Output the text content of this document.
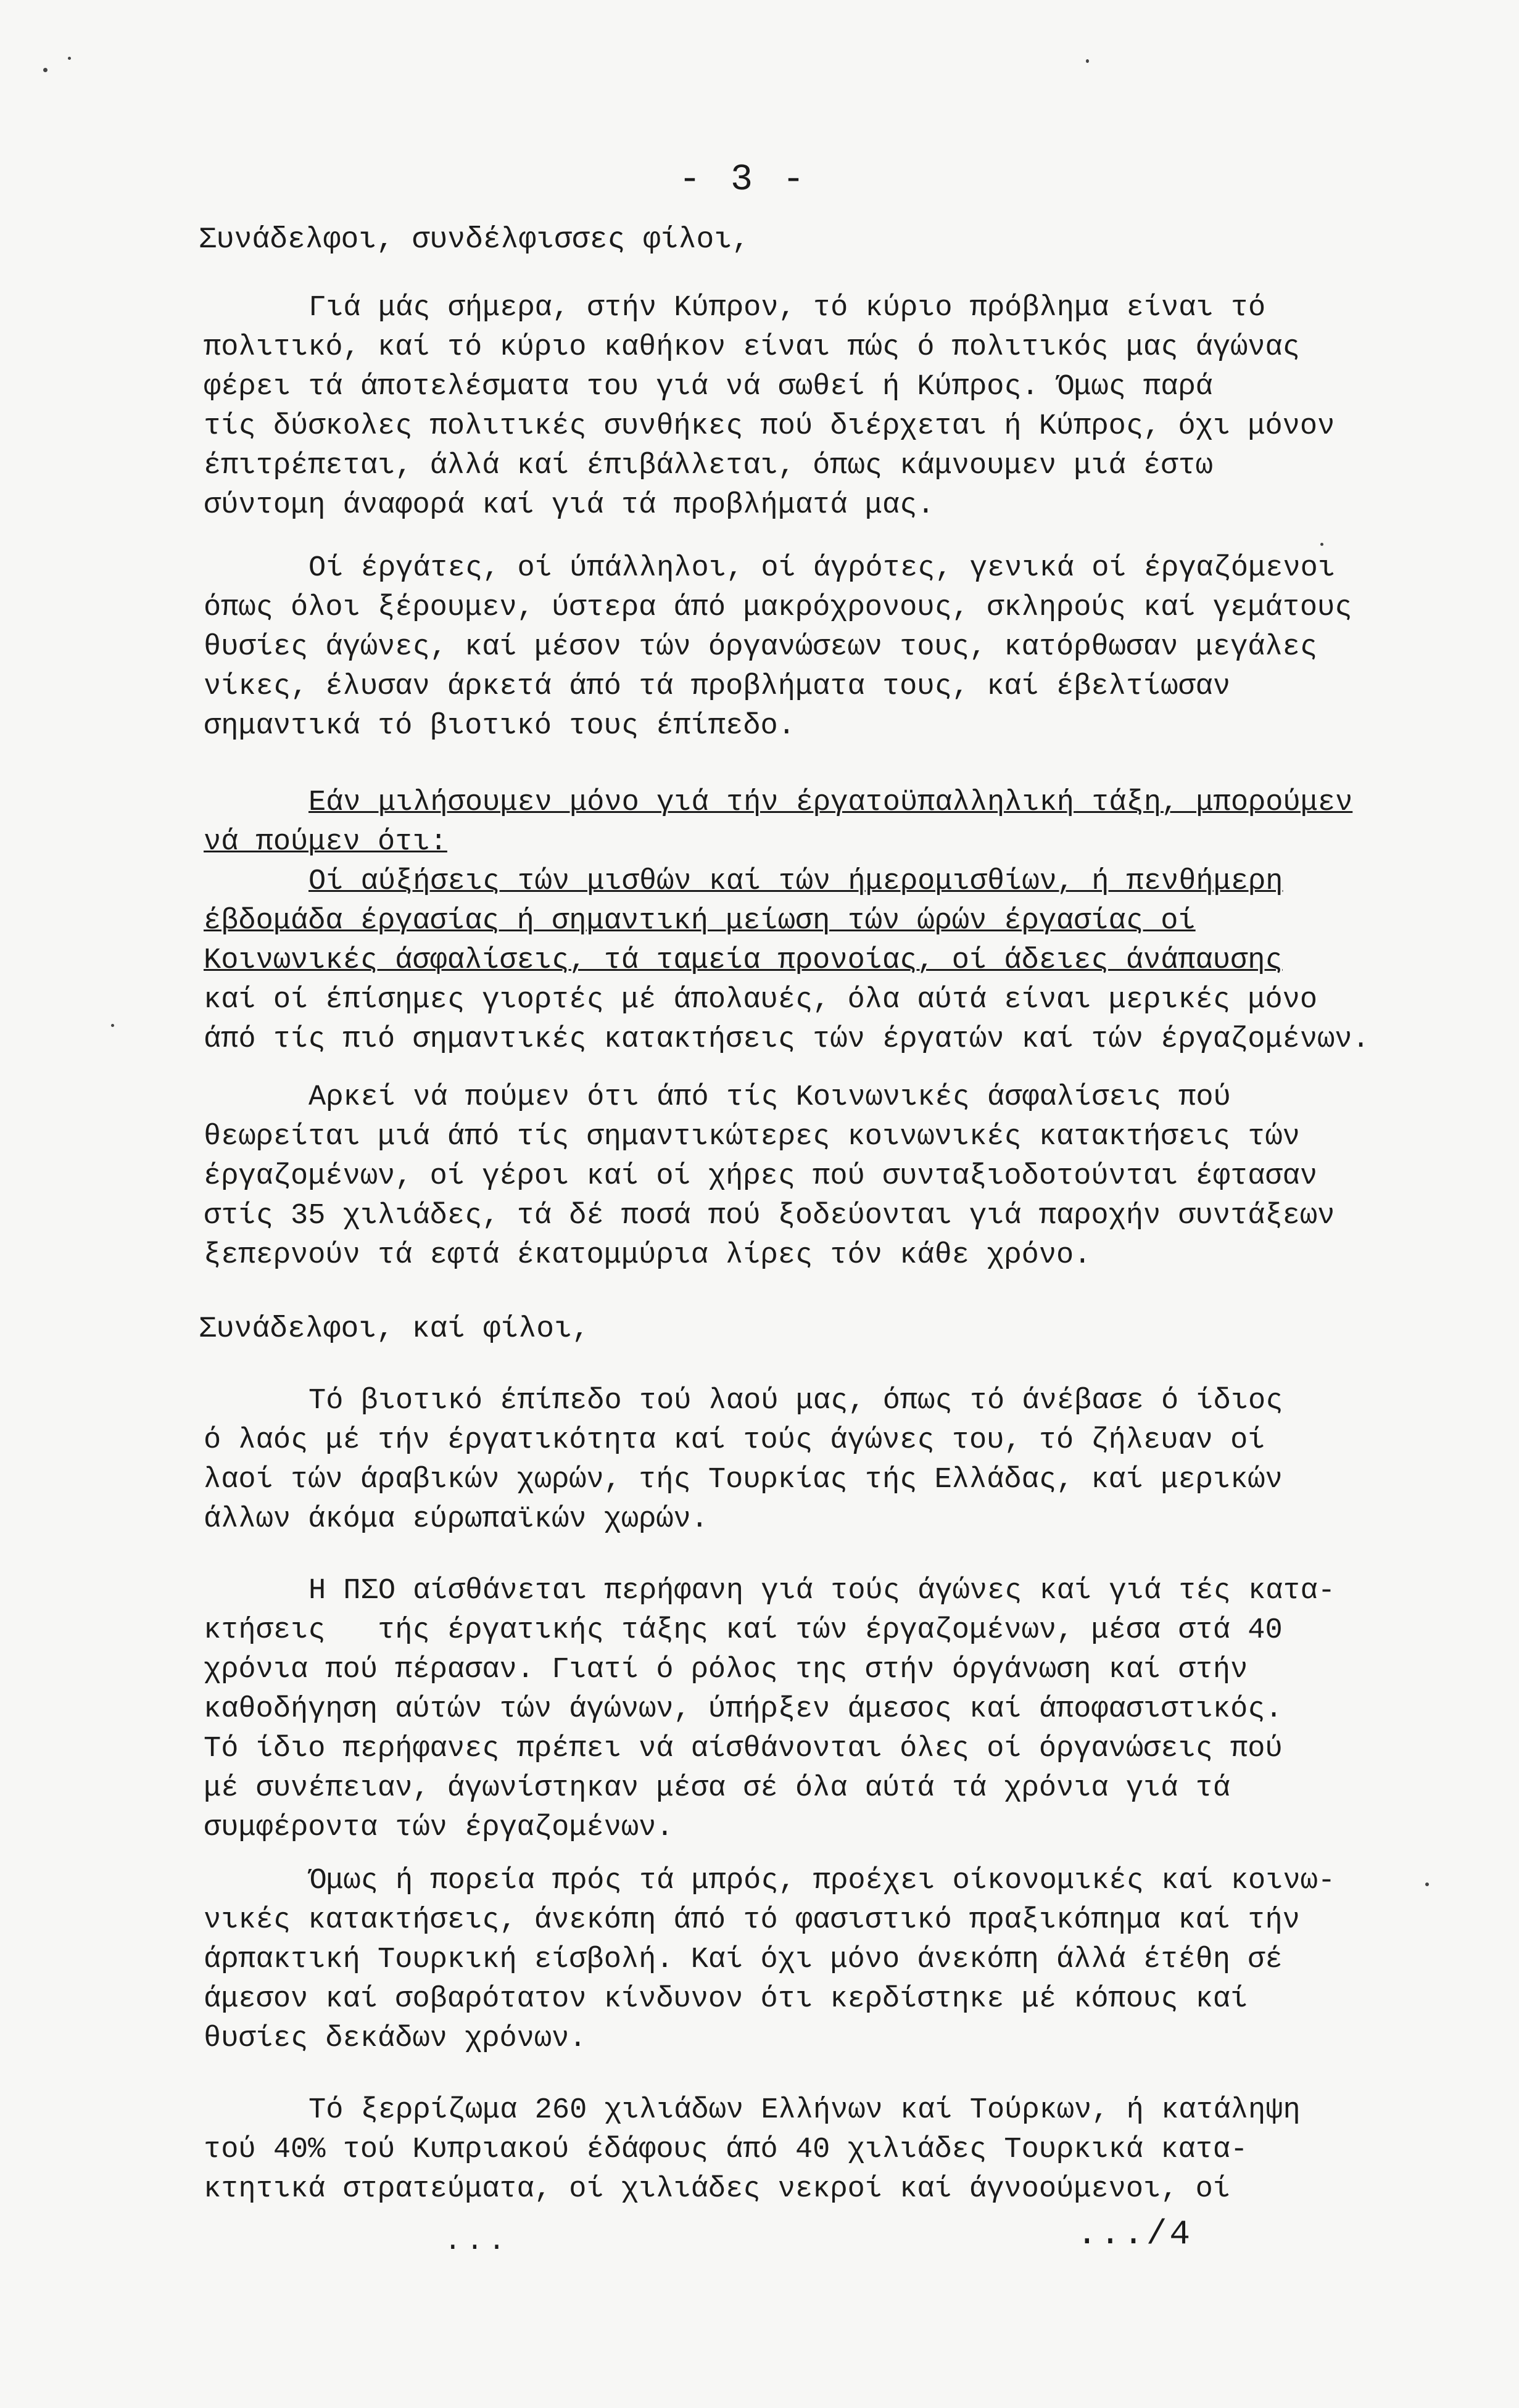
- 3 -
Συνάδελφοι, συνδέλφισσες φίλοι,
Γιά μάς σήμερα, στήν Κύπρον, τό κύριο πρόβλημα είναι τό
πολιτικό, καί τό κύριο καθήκον είναι πώς ό πολιτικός μας άγώνας
φέρει τά άποτελέσματα του γιά νά σωθεί ή Κύπρος. Όμως παρά
τίς δύσκολες πολιτικές συνθήκες πού διέρχεται ή Κύπρος, όχι μόνον
έπιτρέπεται, άλλά καί έπιβάλλεται, όπως κάμνουμεν μιά έστω
σύντομη άναφορά καί γιά τά προβλήματά μας.
Οί έργάτες, οί ύπάλληλοι, οί άγρότες, γενικά οί έργαζόμενοι
όπως όλοι ξέρουμεν, ύστερα άπό μακρόχρονους, σκληρούς καί γεμάτους
θυσίες άγώνες, καί μέσον τών όργανώσεων τους, κατόρθωσαν μεγάλες
νίκες, έλυσαν άρκετά άπό τά προβλήματα τους, καί έβελτίωσαν
σημαντικά τό βιοτικό τους έπίπεδο.
Εάν μιλήσουμεν μόνο γιά τήν έργατοϋπαλληλική τάξη, μπορούμεν
νά πούμεν ότι:
Οί αύξήσεις τών μισθών καί τών ήμερομισθίων, ή πενθήμερη
έβδομάδα έργασίας ή σημαντική μείωση τών ώρών έργασίας οί
Κοινωνικές άσφαλίσεις, τά ταμεία προνοίας, οί άδειες άνάπαυσης
καί οί έπίσημες γιορτές μέ άπολαυές, όλα αύτά είναι μερικές μόνο
άπό τίς πιό σημαντικές κατακτήσεις τών έργατών καί τών έργαζομένων.
Αρκεί νά πούμεν ότι άπό τίς Κοινωνικές άσφαλίσεις πού
θεωρείται μιά άπό τίς σημαντικώτερες κοινωνικές κατακτήσεις τών
έργαζομένων, οί γέροι καί οί χήρες πού συνταξιοδοτούνται έφτασαν
στίς 35 χιλιάδες, τά δέ ποσά πού ξοδεύονται γιά παροχήν συντάξεων
ξεπερνούν τά εφτά έκατομμύρια λίρες τόν κάθε χρόνο.
Συνάδελφοι, καί φίλοι,
Τό βιοτικό έπίπεδο τού λαού μας, όπως τό άνέβασε ό ίδιος
ό λαός μέ τήν έργατικότητα καί τούς άγώνες του, τό ζήλευαν οί
λαοί τών άραβικών χωρών, τής Τουρκίας τής Ελλάδας, καί μερικών
άλλων άκόμα εύρωπαϊκών χωρών.
Η ΠΣΟ αίσθάνεται περήφανη γιά τούς άγώνες καί γιά τές κατα-
κτήσεις   τής έργατικής τάξης καί τών έργαζομένων, μέσα στά 40
χρόνια πού πέρασαν. Γιατί ό ρόλος της στήν όργάνωση καί στήν
καθοδήγηση αύτών τών άγώνων, ύπήρξεν άμεσος καί άποφασιστικός.
Τό ίδιο περήφανες πρέπει νά αίσθάνονται όλες οί όργανώσεις πού
μέ συνέπειαν, άγωνίστηκαν μέσα σέ όλα αύτά τά χρόνια γιά τά
συμφέροντα τών έργαζομένων.
Όμως ή πορεία πρός τά μπρός, προέχει οίκονομικές καί κοινω-
νικές κατακτήσεις, άνεκόπη άπό τό φασιστικό πραξικόπημα καί τήν
άρπακτική Τουρκική είσβολή. Καί όχι μόνο άνεκόπη άλλά έτέθη σέ
άμεσον καί σοβαρότατον κίνδυνον ότι κερδίστηκε μέ κόπους καί
θυσίες δεκάδων χρόνων.
Τό ξερρίζωμα 260 χιλιάδων Ελλήνων καί Τούρκων, ή κατάληψη
τού 40% τού Κυπριακού έδάφους άπό 40 χιλιάδες Τουρκικά κατα-
κτητικά στρατεύματα, οί χιλιάδες νεκροί καί άγνοούμενοι, οί
...	.../4
